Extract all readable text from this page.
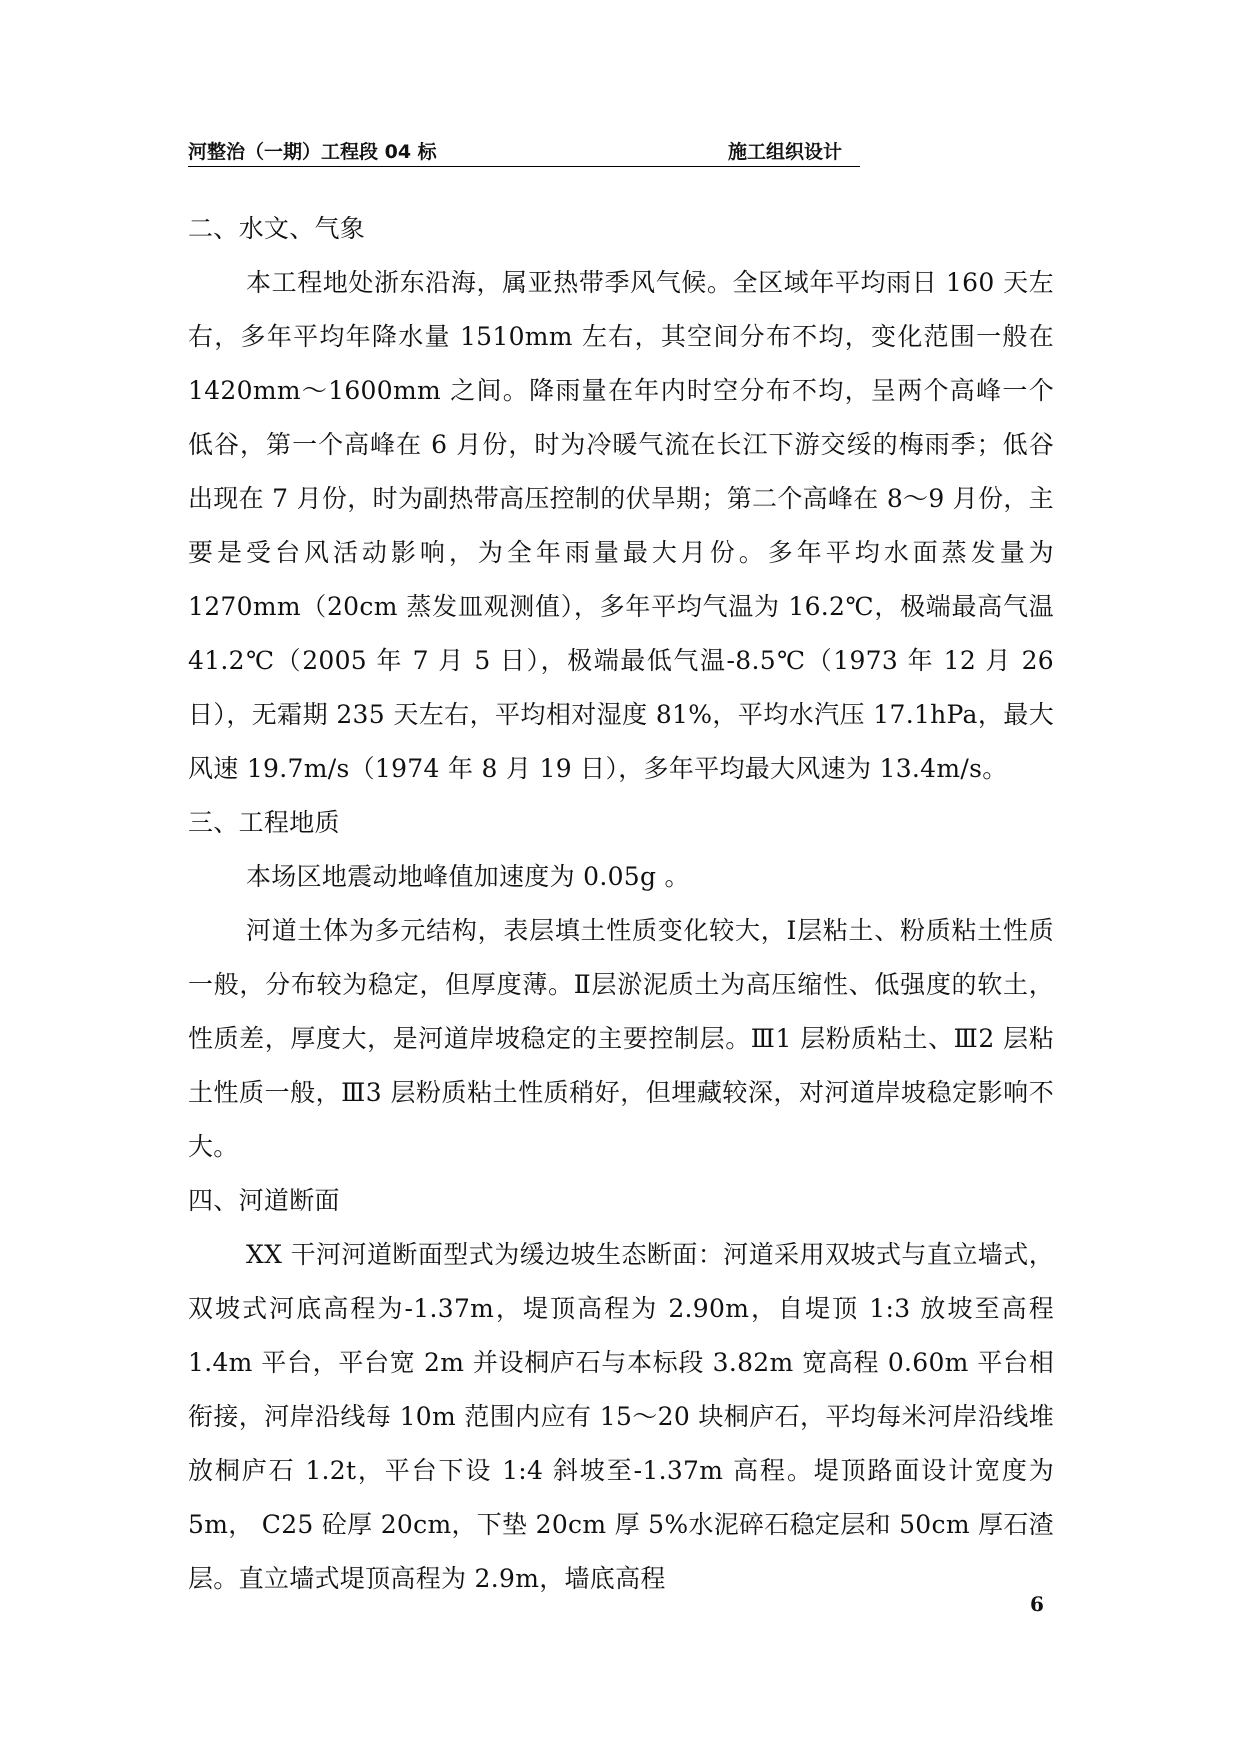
河整治（一期）工程段 04 标	施工组织设计

二、水文、气象

本工程地处浙东沿海，属亚热带季风气候。全区域年平均雨日 160 天左右，多年平均年降水量 1510mm 左右，其空间分布不均，变化范围一般在 1420mm～1600mm 之间。降雨量在年内时空分布不均，呈两个高峰一个低谷，第一个高峰在 6 月份，时为冷暖气流在长江下游交绥的梅雨季；低谷出现在 7 月份，时为副热带高压控制的伏旱期；第二个高峰在 8～9 月份，主要是受台风活动影响，为全年雨量最大月份。多年平均水面蒸发量为 1270mm（20cm 蒸发皿观测值），多年平均气温为 16.2℃，极端最高气温 41.2℃（2005 年 7 月 5 日），极端最低气温-8.5℃（1973 年 12 月 26 日），无霜期 235 天左右，平均相对湿度 81%，平均水汽压 17.1hPa，最大风速 19.7m/s（1974 年 8 月 19 日），多年平均最大风速为 13.4m/s。

三、工程地质

本场区地震动地峰值加速度为 0.05g 。

河道土体为多元结构，表层填土性质变化较大，Ⅰ层粘土、粉质粘土性质一般，分布较为稳定，但厚度薄。Ⅱ层淤泥质土为高压缩性、低强度的软土，性质差，厚度大，是河道岸坡稳定的主要控制层。Ⅲ1 层粉质粘土、Ⅲ2 层粘土性质一般，Ⅲ3 层粉质粘土性质稍好，但埋藏较深，对河道岸坡稳定影响不大。

四、河道断面

XX 干河河道断面型式为缓边坡生态断面：河道采用双坡式与直立墙式，双坡式河底高程为-1.37m，堤顶高程为 2.90m，自堤顶 1:3 放坡至高程 1.4m 平台，平台宽 2m 并设桐庐石与本标段 3.82m 宽高程 0.60m 平台相衔接，河岸沿线每 10m 范围内应有 15～20 块桐庐石，平均每米河岸沿线堆放桐庐石 1.2t，平台下设 1:4 斜坡至-1.37m 高程。堤顶路面设计宽度为 5m， C25 砼厚 20cm，下垫 20cm 厚 5%水泥碎石稳定层和 50cm 厚石渣层。直立墙式堤顶高程为 2.9m，墙底高程

6
